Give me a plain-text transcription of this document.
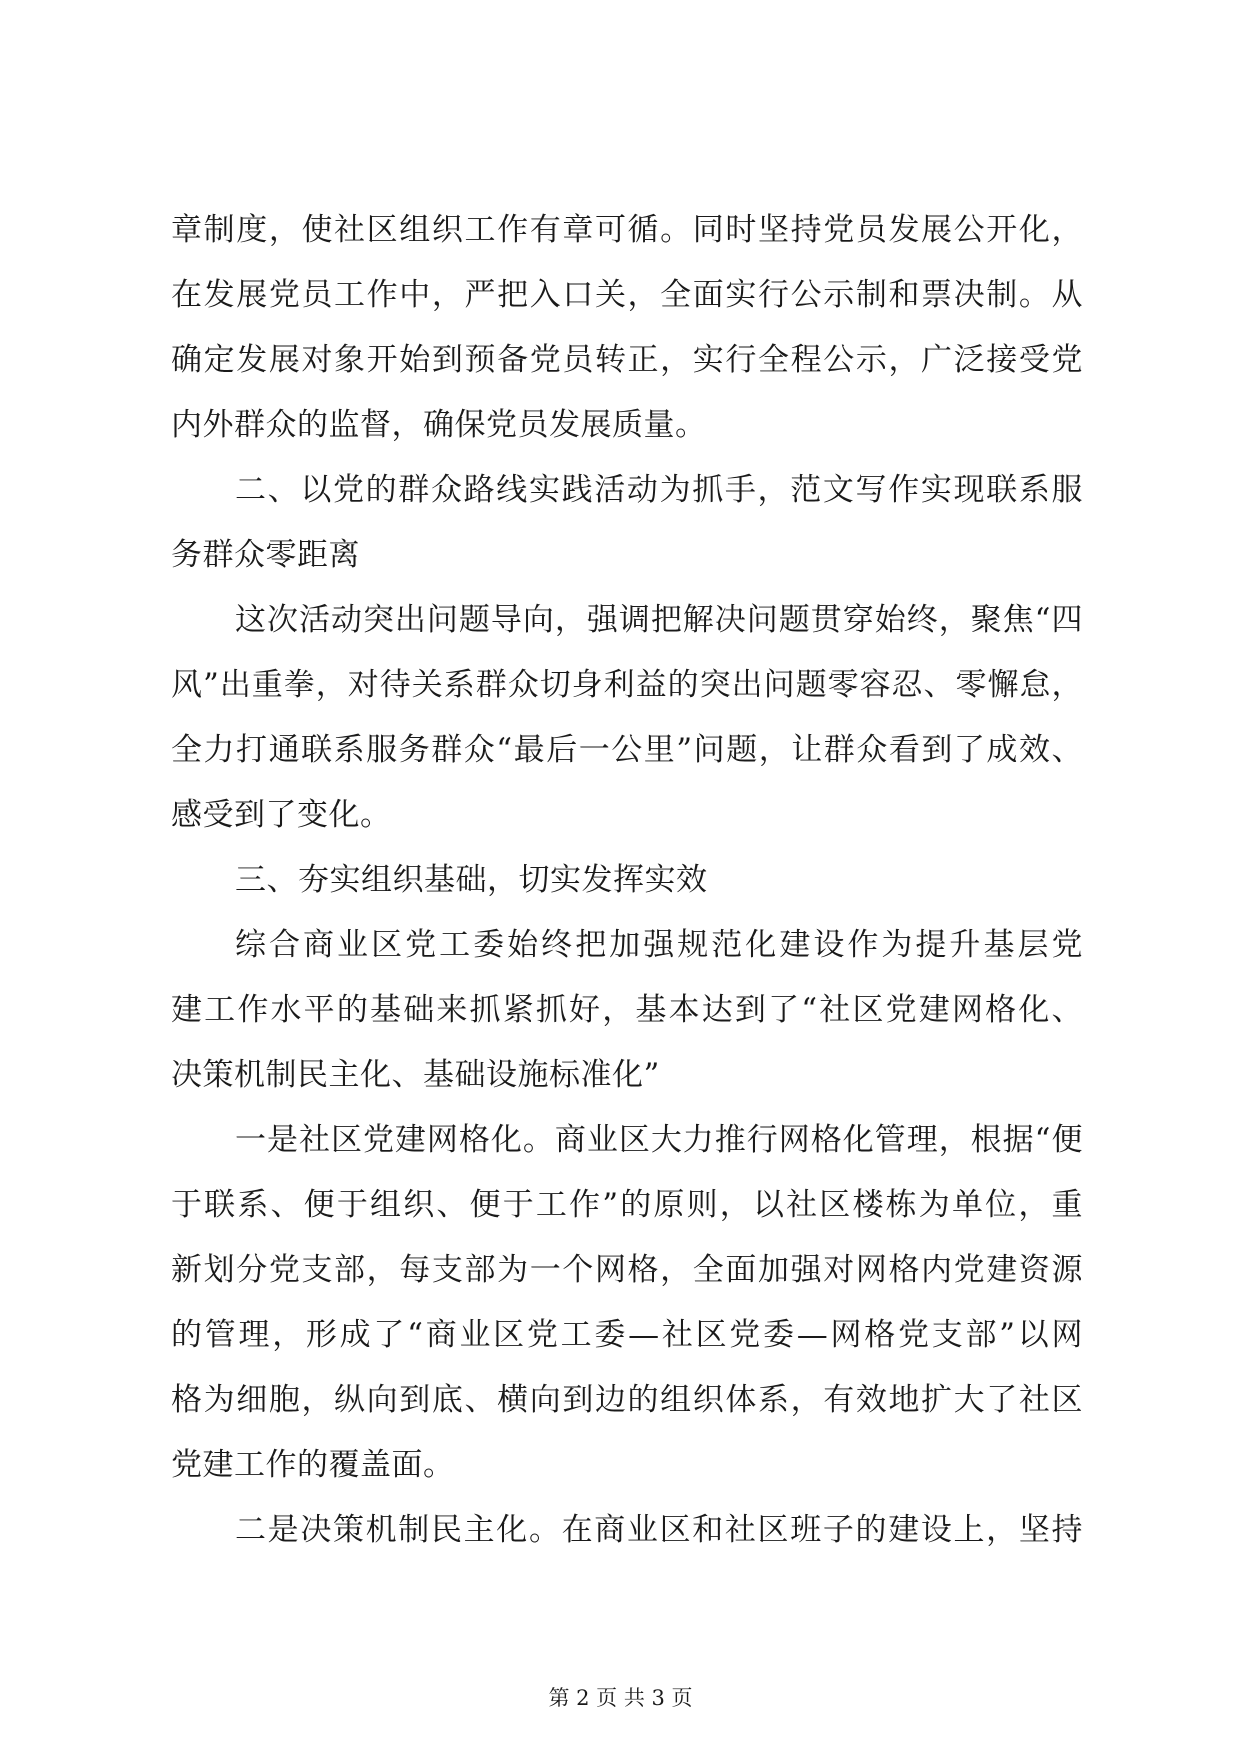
章制度，使社区组织工作有章可循。同时坚持党员发展公开化，
在发展党员工作中，严把入口关，全面实行公示制和票决制。从
确定发展对象开始到预备党员转正，实行全程公示，广泛接受党
内外群众的监督，确保党员发展质量。
二、以党的群众路线实践活动为抓手，范文写作实现联系服
务群众零距离
这次活动突出问题导向，强调把解决问题贯穿始终，聚焦“四
风”出重拳，对待关系群众切身利益的突出问题零容忍、零懈怠，
全力打通联系服务群众“最后一公里”问题，让群众看到了成效、
感受到了变化。
三、夯实组织基础，切实发挥实效
综合商业区党工委始终把加强规范化建设作为提升基层党
建工作水平的基础来抓紧抓好，基本达到了“社区党建网格化、
决策机制民主化、基础设施标准化”
一是社区党建网格化。商业区大力推行网格化管理，根据“便
于联系、便于组织、便于工作”的原则，以社区楼栋为单位，重
新划分党支部，每支部为一个网格，全面加强对网格内党建资源
的管理，形成了“商业区党工委—社区党委—网格党支部”以网
格为细胞，纵向到底、横向到边的组织体系，有效地扩大了社区
党建工作的覆盖面。
二是决策机制民主化。在商业区和社区班子的建设上，坚持
第 2 页 共 3 页
